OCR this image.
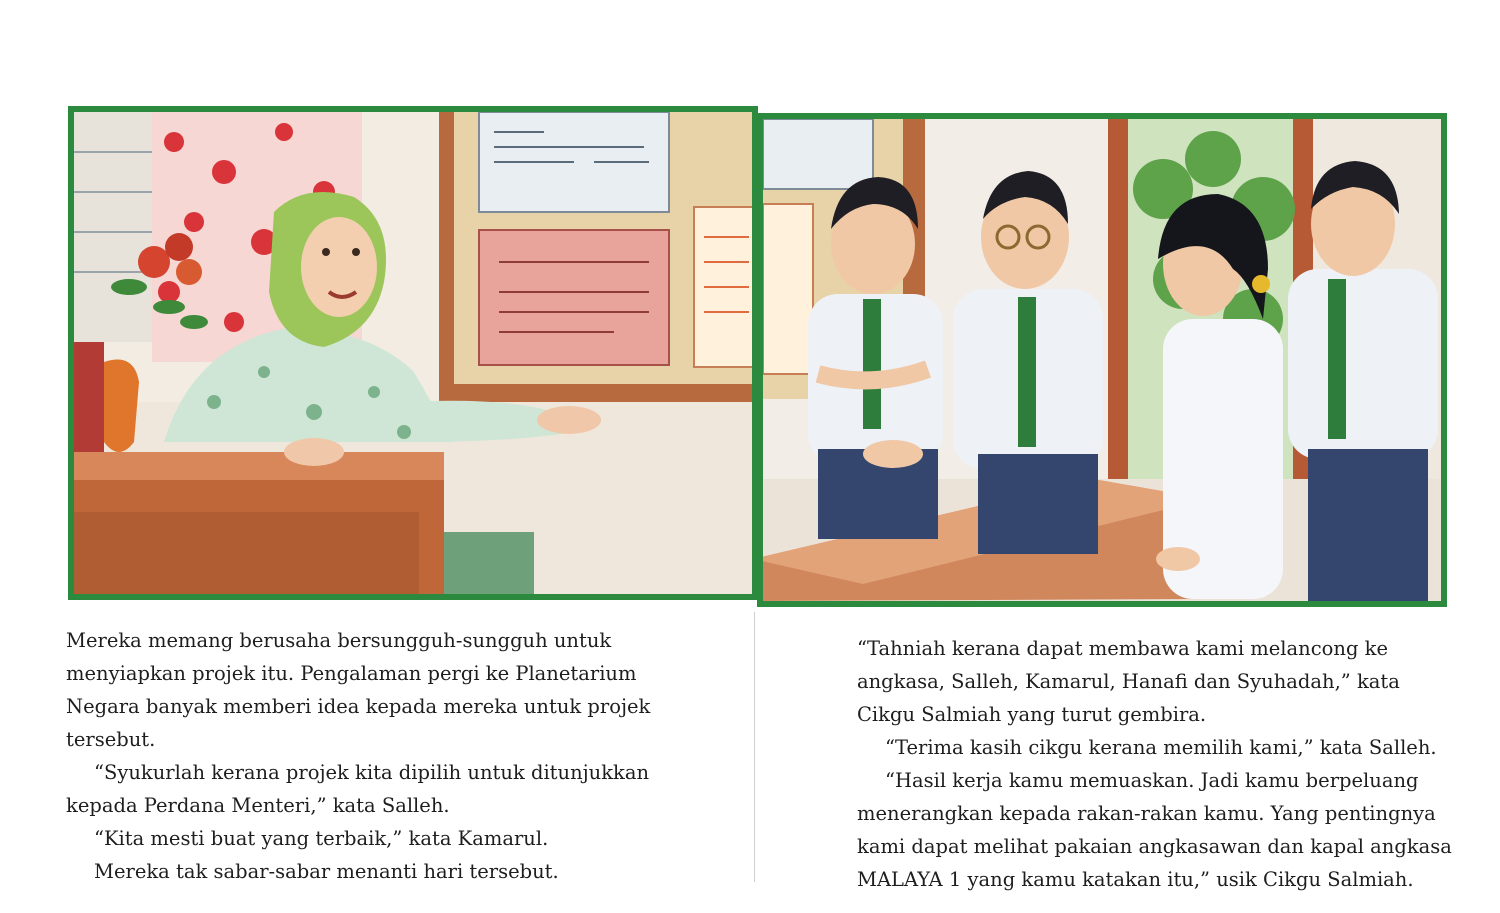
Mereka memang berusaha bersungguh-sungguh untuk menyiapkan projek itu. Pengalaman pergi ke Planetarium Negara banyak memberi idea kepada mereka untuk projek tersebut.

“Syukurlah kerana projek kita dipilih untuk ditunjukkan kepada Perdana Menteri,” kata Salleh.

“Kita mesti buat yang terbaik,” kata Kamarul.

Mereka tak sabar-sabar menanti hari tersebut.

“Tahniah kerana dapat membawa kami melancong ke angkasa, Salleh, Kamarul, Hanafi dan Syuhadah,” kata Cikgu Salmiah yang turut gembira.

“Terima kasih cikgu kerana memilih kami,” kata Salleh.

“Hasil kerja kamu memuaskan. Jadi kamu berpeluang menerangkan kepada rakan-rakan kamu. Yang pentingnya kami dapat melihat pakaian angkasawan dan kapal angkasa MALAYA 1 yang kamu katakan itu,” usik Cikgu Salmiah.
